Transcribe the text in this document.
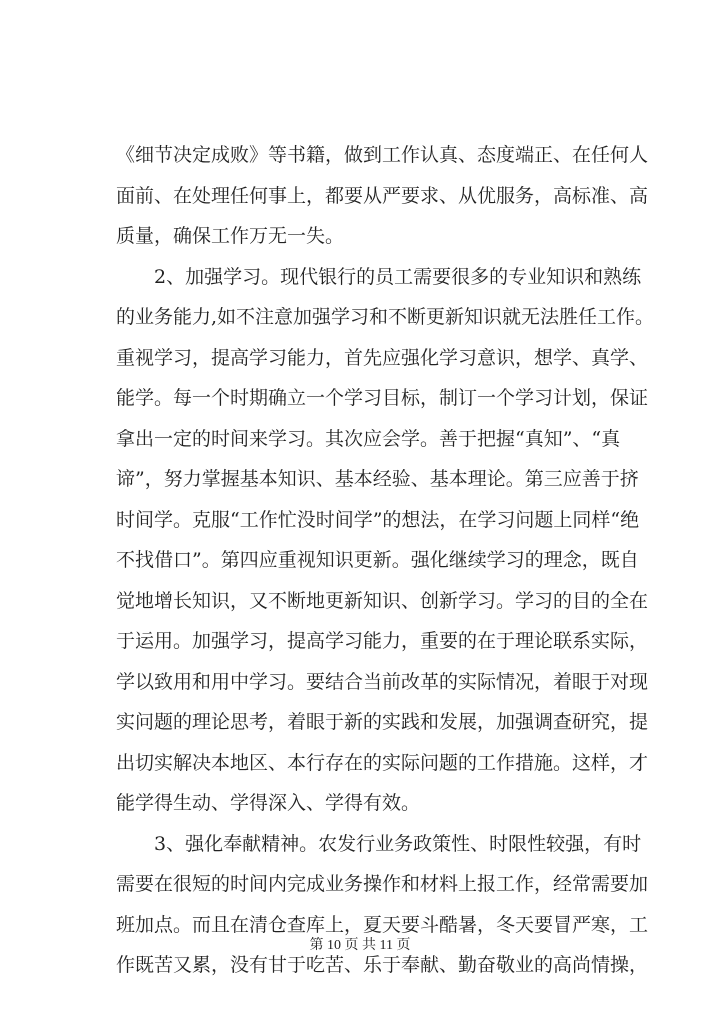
《细节决定成败》等书籍，做到工作认真、态度端正、在任何人
面前、在处理任何事上，都要从严要求、从优服务，高标准、高
质量，确保工作万无一失。
　　2、加强学习。现代银行的员工需要很多的专业知识和熟练
的业务能力,如不注意加强学习和不断更新知识就无法胜任工作。
重视学习，提高学习能力，首先应强化学习意识，想学、真学、
能学。每一个时期确立一个学习目标，制订一个学习计划，保证
拿出一定的时间来学习。其次应会学。善于把握“真知”、“真
谛”，努力掌握基本知识、基本经验、基本理论。第三应善于挤
时间学。克服“工作忙没时间学”的想法，在学习问题上同样“绝
不找借口”。第四应重视知识更新。强化继续学习的理念，既自
觉地增长知识，又不断地更新知识、创新学习。学习的目的全在
于运用。加强学习，提高学习能力，重要的在于理论联系实际，
学以致用和用中学习。要结合当前改革的实际情况，着眼于对现
实问题的理论思考，着眼于新的实践和发展，加强调查研究，提
出切实解决本地区、本行存在的实际问题的工作措施。这样，才
能学得生动、学得深入、学得有效。
　　3、强化奉献精神。农发行业务政策性、时限性较强，有时
需要在很短的时间内完成业务操作和材料上报工作，经常需要加
班加点。而且在清仓查库上，夏天要斗酷暑，冬天要冒严寒，工
作既苦又累，没有甘于吃苦、乐于奉献、勤奋敬业的高尚情操，
第 10 页 共 11 页
